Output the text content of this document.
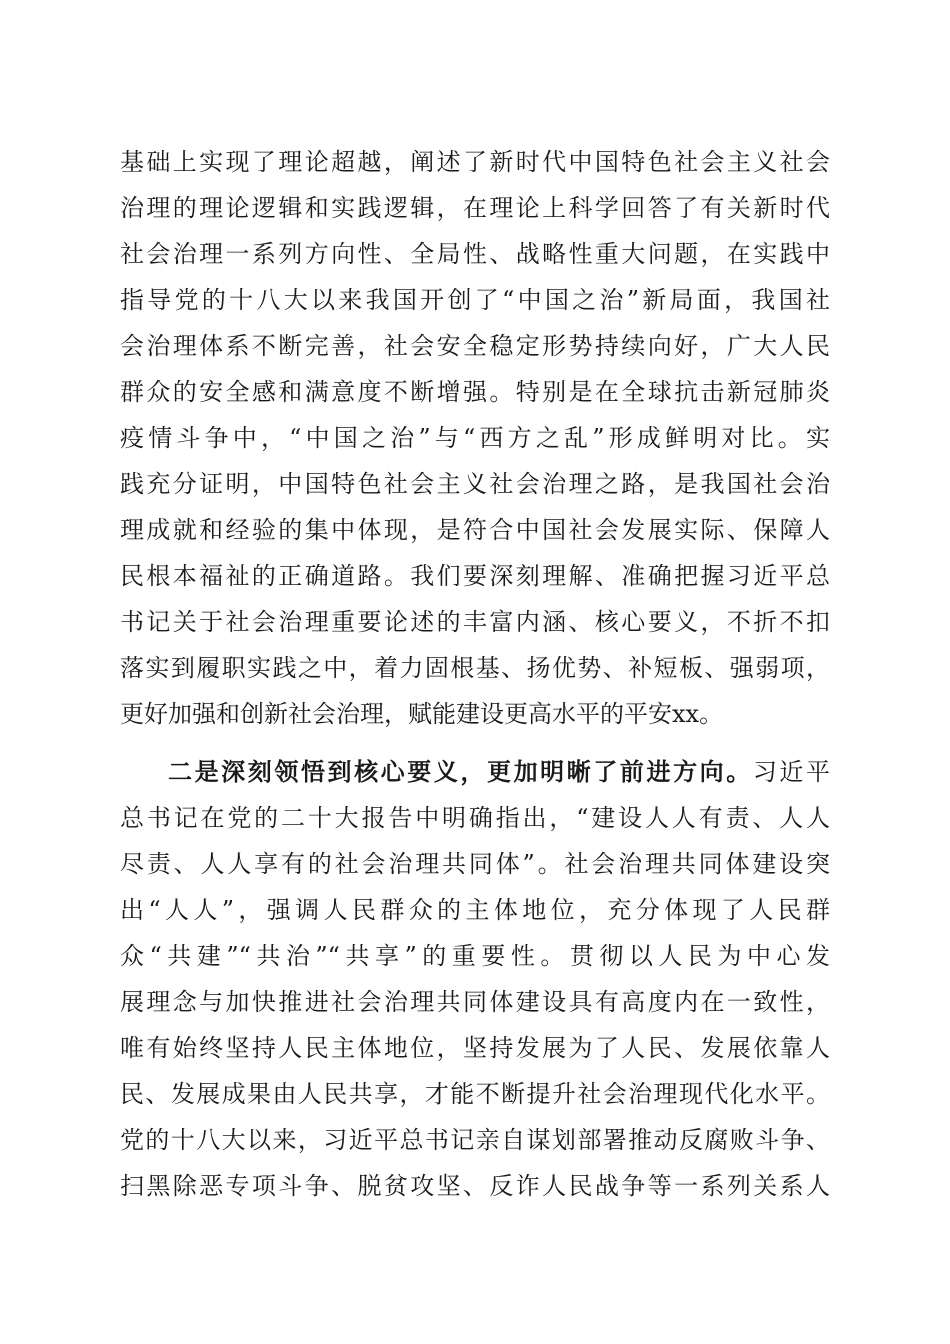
基础上实现了理论超越，阐述了新时代中国特色社会主义社会
治理的理论逻辑和实践逻辑，在理论上科学回答了有关新时代
社会治理一系列方向性、全局性、战略性重大问题，在实践中
指导党的十八大以来我国开创了“中国之治”新局面，我国社
会治理体系不断完善，社会安全稳定形势持续向好，广大人民
群众的安全感和满意度不断增强。特别是在全球抗击新冠肺炎
疫情斗争中，“中国之治”与“西方之乱”形成鲜明对比。实
践充分证明，中国特色社会主义社会治理之路，是我国社会治
理成就和经验的集中体现，是符合中国社会发展实际、保障人
民根本福祉的正确道路。我们要深刻理解、准确把握习近平总
书记关于社会治理重要论述的丰富内涵、核心要义，不折不扣
落实到履职实践之中，着力固根基、扬优势、补短板、强弱项，
更好加强和创新社会治理，赋能建设更高水平的平安xx。
二是深刻领悟到核心要义，更加明晰了前进方向。习近平
总书记在党的二十大报告中明确指出，“建设人人有责、人人
尽责、人人享有的社会治理共同体”。社会治理共同体建设突
出“人人”，强调人民群众的主体地位，充分体现了人民群
众“共建”“共治”“共享”的重要性。贯彻以人民为中心发
展理念与加快推进社会治理共同体建设具有高度内在一致性，
唯有始终坚持人民主体地位，坚持发展为了人民、发展依靠人
民、发展成果由人民共享，才能不断提升社会治理现代化水平。
党的十八大以来，习近平总书记亲自谋划部署推动反腐败斗争、
扫黑除恶专项斗争、脱贫攻坚、反诈人民战争等一系列关系人
